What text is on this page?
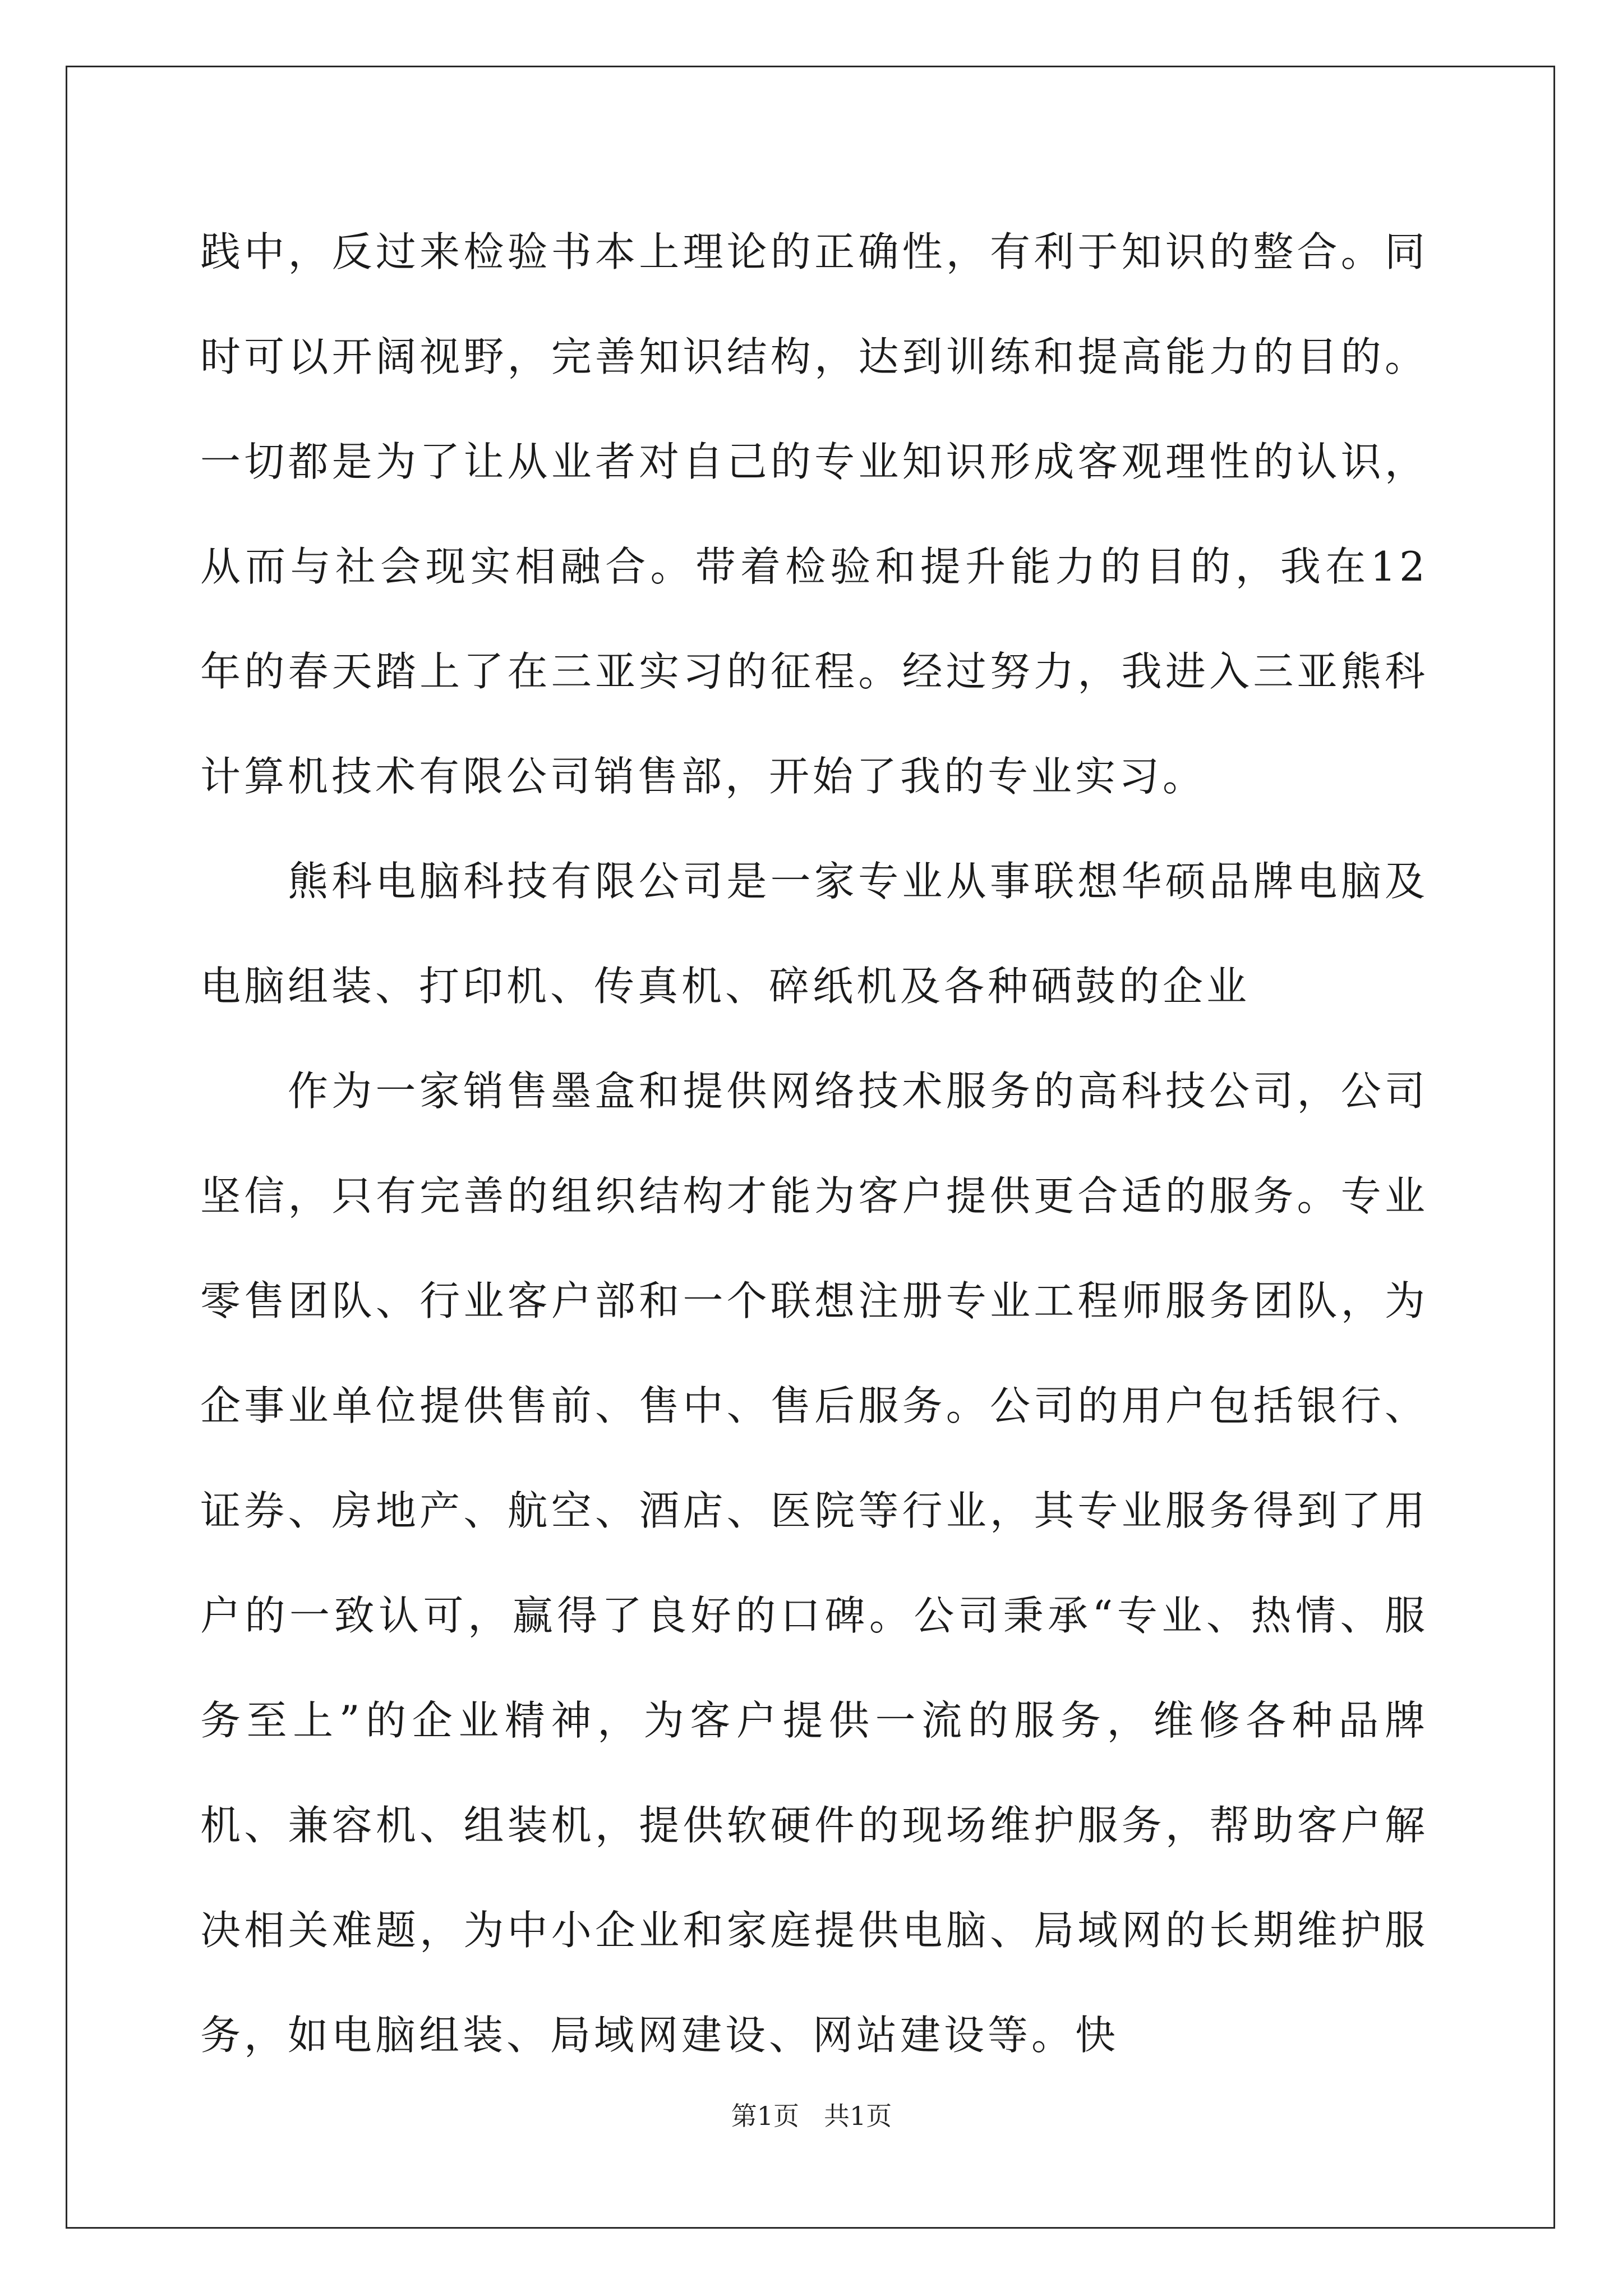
践中，反过来检验书本上理论的正确性，有利于知识的整合。同时可以开阔视野，完善知识结构，达到训练和提高能力的目的。一切都是为了让从业者对自己的专业知识形成客观理性的认识，从而与社会现实相融合。带着检验和提升能力的目的，我在12年的春天踏上了在三亚实习的征程。经过努力，我进入三亚熊科计算机技术有限公司销售部，开始了我的专业实习。

熊科电脑科技有限公司是一家专业从事联想华硕品牌电脑及电脑组装、打印机、传真机、碎纸机及各种硒鼓的企业

作为一家销售墨盒和提供网络技术服务的高科技公司，公司坚信，只有完善的组织结构才能为客户提供更合适的服务。专业零售团队、行业客户部和一个联想注册专业工程师服务团队，为企事业单位提供售前、售中、售后服务。公司的用户包括银行、证券、房地产、航空、酒店、医院等行业，其专业服务得到了用户的一致认可，赢得了良好的口碑。公司秉承“专业、热情、服务至上”的企业精神，为客户提供一流的服务，维修各种品牌机、兼容机、组装机，提供软硬件的现场维护服务，帮助客户解决相关难题，为中小企业和家庭提供电脑、局域网的长期维护服务，如电脑组装、局域网建设、网站建设等。快

第1页 共1页
